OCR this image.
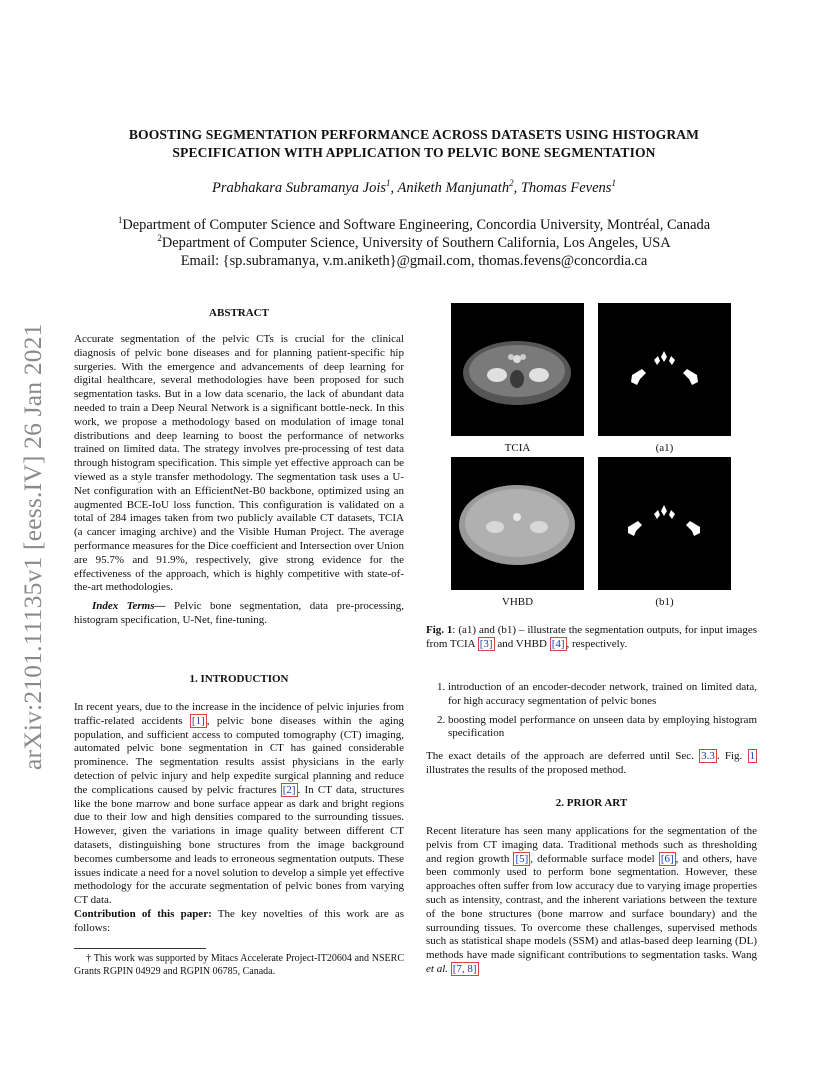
arXiv:2101.11135v1 [eess.IV] 26 Jan 2021
BOOSTING SEGMENTATION PERFORMANCE ACROSS DATASETS USING HISTOGRAM
SPECIFICATION WITH APPLICATION TO PELVIC BONE SEGMENTATION
Prabhakara Subramanya Jois$^1$, Aniketh Manjunath$^2$, Thomas Fevens$^1$
$^1$Department of Computer Science and Software Engineering, Concordia University, Montréal, Canada
$^2$Department of Computer Science, University of Southern California, Los Angeles, USA
Email: {sp.subramanya, v.m.aniketh}@gmail.com, thomas.fevens@concordia.ca
ABSTRACT

Accurate segmentation of the pelvic CTs is crucial for the clinical diagnosis of pelvic bone diseases and for planning patient-specific hip surgeries. With the emergence and advancements of deep learning for digital healthcare, several methodologies have been proposed for such segmentation tasks. But in a low data scenario, the lack of abundant data needed to train a Deep Neural Network is a significant bottle-neck. In this work, we propose a methodology based on modulation of image tonal distributions and deep learning to boost the performance of networks trained on limited data. The strategy involves pre-processing of test data through histogram specification. This simple yet effective approach can be viewed as a style transfer methodology. The segmentation task uses a U-Net configuration with an EfficientNet-B0 backbone, optimized using an augmented BCE-IoU loss function. This configuration is validated on a total of 284 images taken from two publicly available CT datasets, TCIA (a cancer imaging archive) and the Visible Human Project. The average performance measures for the Dice coefficient and Intersection over Union are 95.7% and 91.9%, respectively, give strong evidence for the effectiveness of the approach, which is highly competitive with state-of-the-art methodologies.

Index Terms— Pelvic bone segmentation, data pre-processing, histogram specification, U-Net, fine-tuning.

1. INTRODUCTION

In recent years, due to the increase in the incidence of pelvic injuries from traffic-related accidents [1] , pelvic bone diseases within the aging population, and sufficient access to computed tomography (CT) imaging, automated pelvic bone segmentation in CT has gained considerable prominence. The segmentation results assist physicians in the early detection of pelvic injury and help expedite surgical planning and reduce the complications caused by pelvic fractures [2] . In CT data, structures like the bone marrow and bone surface appear as dark and bright regions due to their low and high densities compared to the surrounding tissues. However, given the variations in image quality between different CT datasets, distinguishing bone structures from the image background becomes cumbersome and leads to erroneous segmentation outputs. These issues indicate a need for a novel solution to develop a simple yet effective methodology for the accurate segmentation of pelvic bones from varying CT data.

Contribution of this paper: The key novelties of this work are as follows:

† This work was supported by Mitacs Accelerate Project-IT20604 and NSERC Grants RGPIN 04929 and RGPIN 06785, Canada.

TCIA	(a1)
VHBD	(b1)

Fig. 1: (a1) and (b1) – illustrate the segmentation outputs, for input images from TCIA [3] and VHBD [4] , respectively.

1. introduction of an encoder-decoder network, trained on limited data, for high accuracy segmentation of pelvic bones
2. boosting model performance on unseen data by employing histogram specification

The exact details of the approach are deferred until Sec. 3.3 . Fig. 1 illustrates the results of the proposed method.

2. PRIOR ART

Recent literature has seen many applications for the segmentation of the pelvis from CT imaging data. Traditional methods such as thresholding and region growth [5] , deformable surface model [6] , and others, have been commonly used to perform bone segmentation. However, these approaches often suffer from low accuracy due to varying image properties such as intensity, contrast, and the inherent variations between the texture of the bone structures (bone marrow and surface boundary) and the surrounding tissues. To overcome these challenges, supervised methods such as statistical shape models (SSM) and atlas-based deep learning (DL) methods have made significant contributions to segmentation tasks. Wang et al. [7, 8]
